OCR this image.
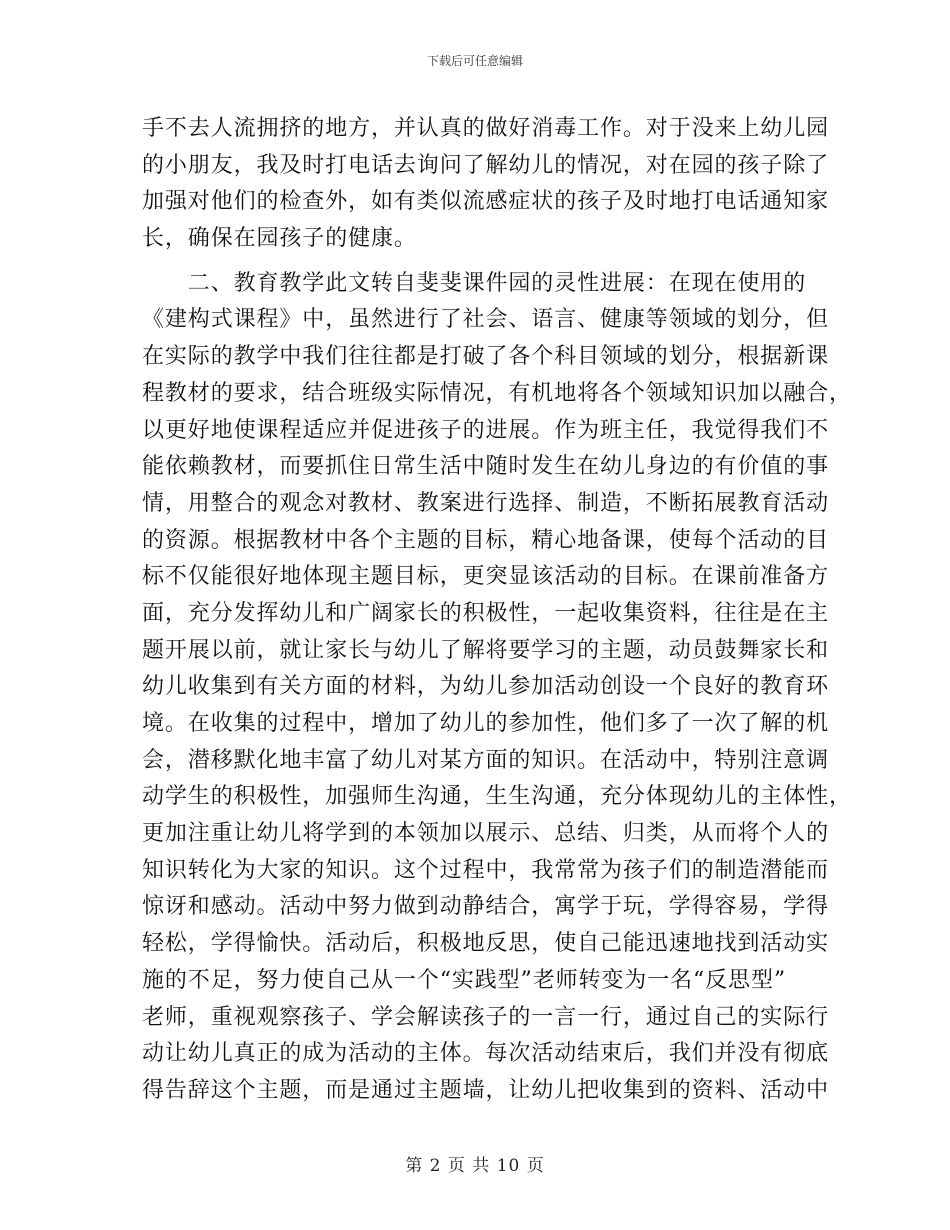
下载后可任意编辑
手不去人流拥挤的地方，并认真的做好消毒工作。对于没来上幼儿园
的小朋友，我及时打电话去询问了解幼儿的情况，对在园的孩子除了
加强对他们的检查外，如有类似流感症状的孩子及时地打电话通知家
长，确保在园孩子的健康。
　　二、教育教学此文转自斐斐课件园的灵性进展：在现在使用的
《建构式课程》中，虽然进行了社会、语言、健康等领域的划分，但
在实际的教学中我们往往都是打破了各个科目领域的划分，根据新课
程教材的要求，结合班级实际情况，有机地将各个领域知识加以融合，
以更好地使课程适应并促进孩子的进展。作为班主任，我觉得我们不
能依赖教材，而要抓住日常生活中随时发生在幼儿身边的有价值的事
情，用整合的观念对教材、教案进行选择、制造，不断拓展教育活动
的资源。根据教材中各个主题的目标，精心地备课，使每个活动的目
标不仅能很好地体现主题目标，更突显该活动的目标。在课前准备方
面，充分发挥幼儿和广阔家长的积极性，一起收集资料，往往是在主
题开展以前，就让家长与幼儿了解将要学习的主题，动员鼓舞家长和
幼儿收集到有关方面的材料，为幼儿参加活动创设一个良好的教育环
境。在收集的过程中，增加了幼儿的参加性，他们多了一次了解的机
会，潜移默化地丰富了幼儿对某方面的知识。在活动中，特别注意调
动学生的积极性，加强师生沟通，生生沟通，充分体现幼儿的主体性，
更加注重让幼儿将学到的本领加以展示、总结、归类，从而将个人的
知识转化为大家的知识。这个过程中，我常常为孩子们的制造潜能而
惊讶和感动。活动中努力做到动静结合，寓学于玩，学得容易，学得
轻松，学得愉快。活动后，积极地反思，使自己能迅速地找到活动实
施的不足，努力使自己从一个“实践型”老师转变为一名“反思型”
老师，重视观察孩子、学会解读孩子的一言一行，通过自己的实际行
动让幼儿真正的成为活动的主体。每次活动结束后，我们并没有彻底
得告辞这个主题，而是通过主题墙，让幼儿把收集到的资料、活动中
第 2 页 共 10 页
